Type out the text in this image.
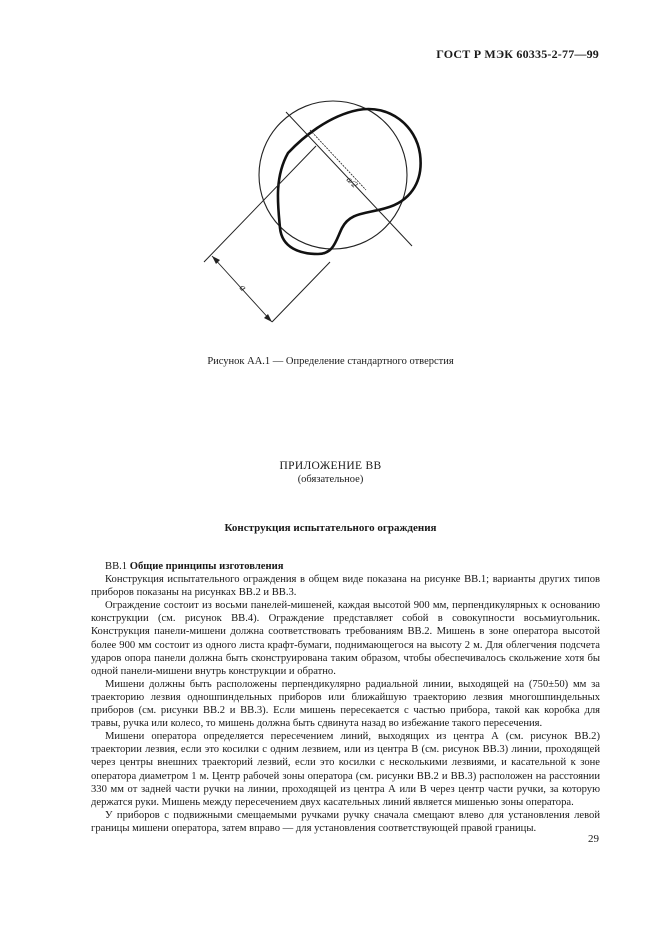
ГОСТ Р МЭК 60335-2-77—99
a
a/2
Рисунок АА.1 — Определение стандартного отверстия
ПРИЛОЖЕНИЕ ВВ
(обязательное)
Конструкция испытательного ограждения

ВВ.1 Общие принципы изготовления

Конструкция испытательного ограждения в общем виде показана на рисунке ВВ.1; варианты других типов приборов показаны на рисунках ВВ.2 и ВВ.3.

Ограждение состоит из восьми панелей-мишеней, каждая высотой 900 мм, перпендикулярных к основанию конструкции (см. рисунок ВВ.4). Ограждение представляет собой в совокупности восьмиугольник. Конструкция панели-мишени должна соответствовать требованиям ВВ.2. Мишень в зоне оператора высотой более 900 мм состоит из одного листа крафт-бумаги, поднимающегося на высоту 2 м. Для облегчения подсчета ударов опора панели должна быть сконструирована таким образом, чтобы обеспечивалось скольжение хотя бы одной панели-мишени внутрь конструкции и обратно.

Мишени должны быть расположены перпендикулярно радиальной линии, выходящей на (750±50) мм за траекторию лезвия одношпиндельных приборов или ближайшую траекторию лезвия многошпиндельных приборов (см. рисунки ВВ.2 и ВВ.3). Если мишень пересекается с частью прибора, такой как коробка для травы, ручка или колесо, то мишень должна быть сдвинута назад во избежание такого пересечения.

Мишени оператора определяется пересечением линий, выходящих из центра А (см. рисунок ВВ.2) траектории лезвия, если это косилки с одним лезвием, или из центра В (см. рисунок ВВ.3) линии, проходящей через центры внешних траекторий лезвий, если это косилки с несколькими лезвиями, и касательной к зоне оператора диаметром 1 м. Центр рабочей зоны оператора (см. рисунки ВВ.2 и ВВ.3) расположен на расстоянии 330 мм от задней части ручки на линии, проходящей из центра А или В через центр части ручки, за которую держатся руки. Мишень между пересечением двух касательных линий является мишенью зоны оператора.

У приборов с подвижными смещаемыми ручками ручку сначала смещают влево для установления левой границы мишени оператора, затем вправо — для установления соответствующей правой границы.

29
